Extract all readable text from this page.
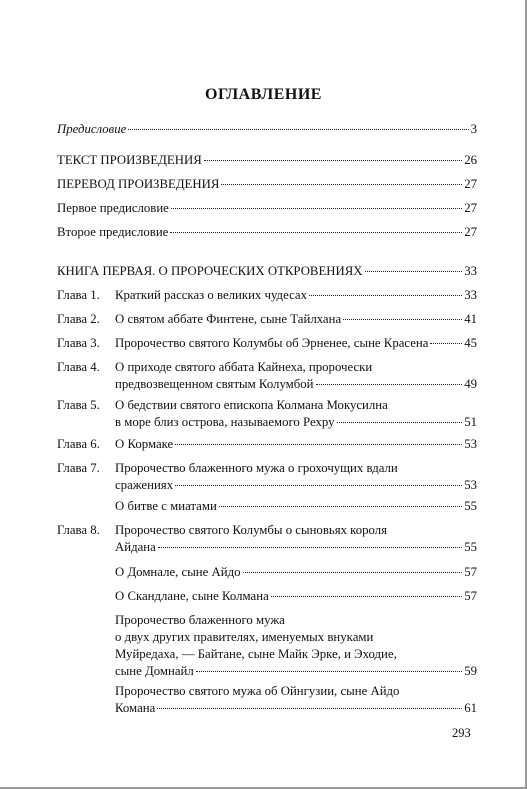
ОГЛАВЛЕНИЕ
Предисловие	3
ТЕКСТ ПРОИЗВЕДЕНИЯ	26
ПЕРЕВОД ПРОИЗВЕДЕНИЯ	27
Первое предисловие	27
Второе предисловие	27
КНИГА ПЕРВАЯ. О ПРОРОЧЕСКИХ ОТКРОВЕНИЯХ	33
Глава 1.	Краткий рассказ о великих чудесах	33
Глава 2.	О святом аббате Финтене, сыне Тайлхана	41
Глава 3.	Пророчество святого Колумбы об Эрненее, сыне Красена	45
Глава 4.	О приходе святого аббата Кайнеха, пророчески
предвозвещенном святым Колумбой	49
Глава 5.	О бедствии святого епископа Колмана Мокусилна
в море близ острова, называемого Рехру	51
Глава 6.	О Кормаке	53
Глава 7.	Пророчество блаженного мужа о грохочущих вдали
сражениях	53
О битве с миатами	55
Глава 8.	Пророчество святого Колумбы о сыновьях короля
Айдана	55
О Домнале, сыне Айдо	57
О Скандлане, сыне Колмана	57
Пророчество блаженного мужа
о двух других правителях, именуемых внуками
Муйредаха, — Байтане, сыне Майк Эрке, и Эходие,
сыне Домнайл	59
Пророчество святого мужа об Ойнгузии, сыне Айдо
Комана	61
293
